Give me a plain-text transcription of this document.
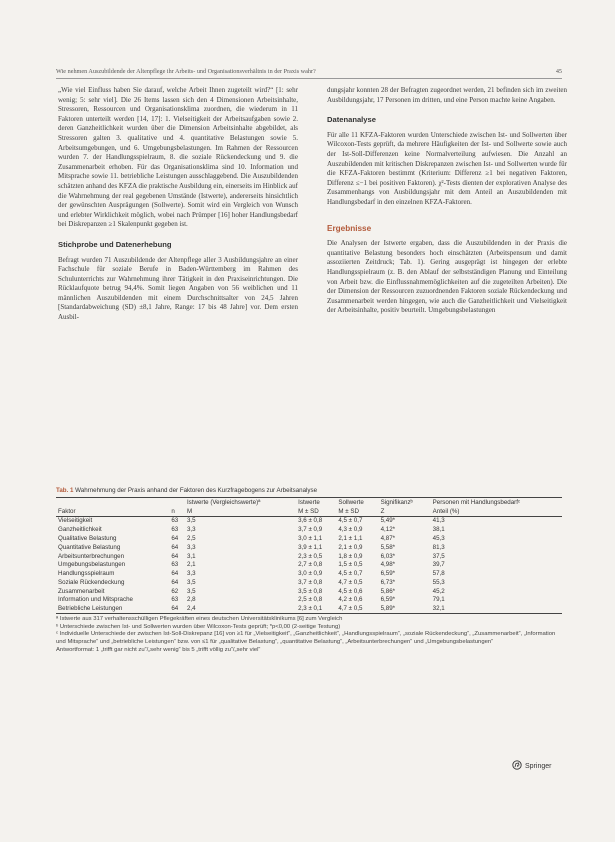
Wie nehmen Auszubildende der Altenpflege ihr Arbeits- und Organisationsverhältnis in der Praxis wahr?	45

„Wie viel Einfluss haben Sie darauf, welche Arbeit Ihnen zugeteilt wird?“ [1: sehr wenig; 5: sehr viel]. Die 26 Items lassen sich den 4 Dimensionen Arbeitsinhalte, Stressoren, Ressourcen und Organisationsklima zuordnen, die wiederum in 11 Faktoren unterteilt werden [14, 17]: 1. Vielseitigkeit der Arbeitsaufgaben sowie 2. deren Ganzheitlichkeit wurden über die Dimension Arbeitsinhalte abgebildet, als Stressoren galten 3. qualitative und 4. quantitative Belastungen sowie 5. Arbeitsumgebungen, und 6. Umgebungsbelastungen. Im Rahmen der Ressourcen wurden 7. der Handlungsspielraum, 8. die soziale Rückendeckung und 9. die Zusammenarbeit erhoben. Für das Organisationsklima sind 10. Information und Mitsprache sowie 11. betriebliche Leistungen ausschlaggebend. Die Auszubildenden schätzten anhand des KFZA die praktische Ausbildung ein, einerseits im Hinblick auf die Wahrnehmung der real gegebenen Umstände (Istwerte), andererseits hinsichtlich der gewünschten Ausprägungen (Sollwerte). Somit wird ein Vergleich von Wunsch und erlebter Wirklichkeit möglich, wobei nach Prümper [16] hoher Handlungsbedarf bei Diskrepanzen ≥1 Skalenpunkt gegeben ist.

Stichprobe und Datenerhebung

Befragt wurden 71 Auszubildende der Altenpflege aller 3 Ausbildungsjahre an einer Fachschule für soziale Berufe in Baden-Württemberg im Rahmen des Schulunterrichts zur Wahrnehmung ihrer Tätigkeit in den Praxiseinrichtungen. Die Rücklaufquote betrug 94,4%. Somit liegen Angaben von 56 weiblichen und 11 männlichen Auszubildenden mit einem Durchschnittsalter von 24,5 Jahren [Standardabweichung (SD) ±8,1 Jahre, Range: 17 bis 48 Jahre] vor. Dem ersten Ausbil-

dungsjahr konnten 28 der Befragten zugeordnet werden, 21 befinden sich im zweiten Ausbildungsjahr, 17 Personen im dritten, und eine Person machte keine Angaben.

Datenanalyse

Für alle 11 KFZA-Faktoren wurden Unterschiede zwischen Ist- und Sollwerten über Wilcoxon-Tests geprüft, da mehrere Häufigkeiten der Ist- und Sollwerte sowie auch der Ist-Soll-Differenzen keine Normalverteilung aufwiesen. Die Anzahl an Auszubildenden mit kritischen Diskrepanzen zwischen Ist- und Sollwerten wurde für die KFZA-Faktoren bestimmt (Kriterium: Differenz ≥1 bei negativen Faktoren, Differenz ≤−1 bei positiven Faktoren). χ²-Tests dienten der explorativen Analyse des Zusammenhangs von Ausbildungsjahr mit dem Anteil an Auszubildenden mit Handlungsbedarf in den einzelnen KFZA-Faktoren.

Ergebnisse

Die Analysen der Istwerte ergaben, dass die Auszubildenden in der Praxis die quantitative Belastung besonders hoch einschätzten (Arbeitspensum und damit assoziierten Zeitdruck; Tab. 1). Gering ausgeprägt ist hingegen der erlebte Handlungsspielraum (z. B. den Ablauf der selbstständigen Planung und Einteilung von Arbeit bzw. die Einflussnahmemöglichkeiten auf die zugeteilten Arbeiten). Die der Dimension der Ressourcen zuzuordnenden Faktoren soziale Rückendeckung und Zusammenarbeit werden hingegen, wie auch die Ganzheitlichkeit und Vielseitigkeit der Arbeitsinhalte, positiv beurteilt. Umgebungsbelastungen

Tab. 1 Wahrnehmung der Praxis anhand der Faktoren des Kurzfragebogens zur Arbeitsanalyse
		Istwerte (Vergleichswerte)ª	Istwerte	Sollwerte	Signifikanzᵇ	Personen mit Handlungsbedarfᶜ
Faktor	n	M	M ± SD	M ± SD	Z	Anteil (%)
Vielseitigkeit	63	3,5	3,6 ± 0,8	4,5 ± 0,7	5,49*	41,3
Ganzheitlichkeit	63	3,3	3,7 ± 0,9	4,3 ± 0,9	4,12*	38,1
Qualitative Belastung	64	2,5	3,0 ± 1,1	2,1 ± 1,1	4,87*	45,3
Quantitative Belastung	64	3,3	3,9 ± 1,1	2,1 ± 0,9	5,58*	81,3
Arbeitsunterbrechungen	64	3,1	2,3 ± 0,5	1,8 ± 0,9	6,03*	37,5
Umgebungsbelastungen	63	2,1	2,7 ± 0,8	1,5 ± 0,5	4,98*	39,7
Handlungsspielraum	64	3,3	3,0 ± 0,9	4,5 ± 0,7	6,59*	57,8
Soziale Rückendeckung	64	3,5	3,7 ± 0,8	4,7 ± 0,5	6,73*	55,3
Zusammenarbeit	62	3,5	3,5 ± 0,8	4,5 ± 0,6	5,86*	45,2
Information und Mitsprache	63	2,8	2,5 ± 0,8	4,2 ± 0,6	6,59*	79,1
Betriebliche Leistungen	64	2,4	2,3 ± 0,1	4,7 ± 0,5	5,89*	32,1
ª Istwerte aus 317 verhaltensschülligen Pflegekräften eines deutschen Universitätsklinikums [6] zum Vergleich
ᵇ Unterschiede zwischen Ist- und Sollwerten wurden über Wilcoxon-Tests geprüft; *p<0,00 (2-seitige Testung)
ᶜ Individuelle Unterschiede der zwischen Ist-Soll-Diskrepanz [16] von ≥1 für „Vielseitigkeit“, „Ganzheitlichkeit“, „Handlungsspielraum“, „soziale Rückendeckung“, „Zusammenarbeit“, „Information und Mitsprache“ und „betriebliche Leistungen“ bzw. von ≤1 für „qualitative Belastung“, „quantitative Belastung“, „Arbeitsunterbrechungen“ und „Umgebungsbelastungen“
Antwortformat: 1 „trifft gar nicht zu“/„sehr wenig“ bis 5 „trifft völlig zu“/„sehr viel“
Springer
